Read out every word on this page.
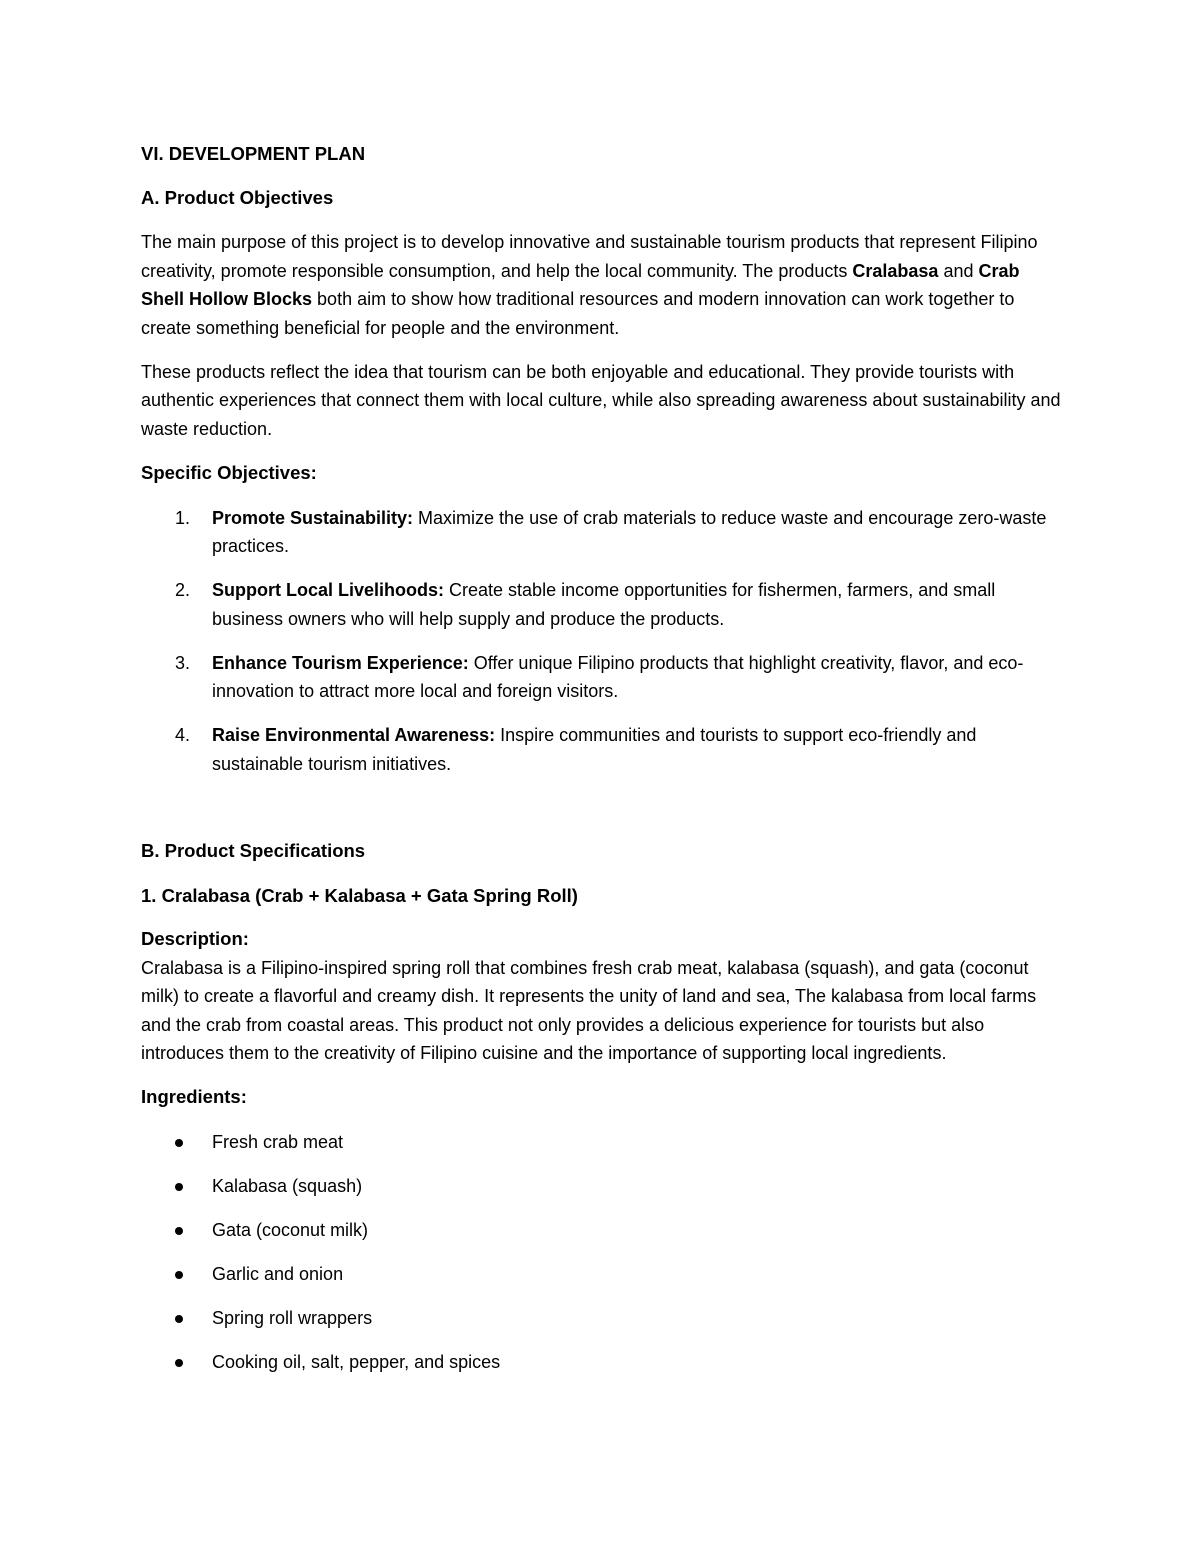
VI. DEVELOPMENT PLAN

A. Product Objectives

The main purpose of this project is to develop innovative and sustainable tourism products that represent Filipino creativity, promote responsible consumption, and help the local community. The products Cralabasa and Crab Shell Hollow Blocks both aim to show how traditional resources and modern innovation can work together to create something beneficial for people and the environment.

These products reflect the idea that tourism can be both enjoyable and educational. They provide tourists with authentic experiences that connect them with local culture, while also spreading awareness about sustainability and waste reduction.

Specific Objectives:

1. Promote Sustainability: Maximize the use of crab materials to reduce waste and encourage zero-waste practices.
2. Support Local Livelihoods: Create stable income opportunities for fishermen, farmers, and small business owners who will help supply and produce the products.
3. Enhance Tourism Experience: Offer unique Filipino products that highlight creativity, flavor, and eco-innovation to attract more local and foreign visitors.
4. Raise Environmental Awareness: Inspire communities and tourists to support eco-friendly and sustainable tourism initiatives.

B. Product Specifications

1. Cralabasa (Crab + Kalabasa + Gata Spring Roll)

Description:

Cralabasa is a Filipino-inspired spring roll that combines fresh crab meat, kalabasa (squash), and gata (coconut milk) to create a flavorful and creamy dish. It represents the unity of land and sea, The kalabasa from local farms and the crab from coastal areas. This product not only provides a delicious experience for tourists but also introduces them to the creativity of Filipino cuisine and the importance of supporting local ingredients.

Ingredients:

Fresh crab meat
Kalabasa (squash)
Gata (coconut milk)
Garlic and onion
Spring roll wrappers
Cooking oil, salt, pepper, and spices
